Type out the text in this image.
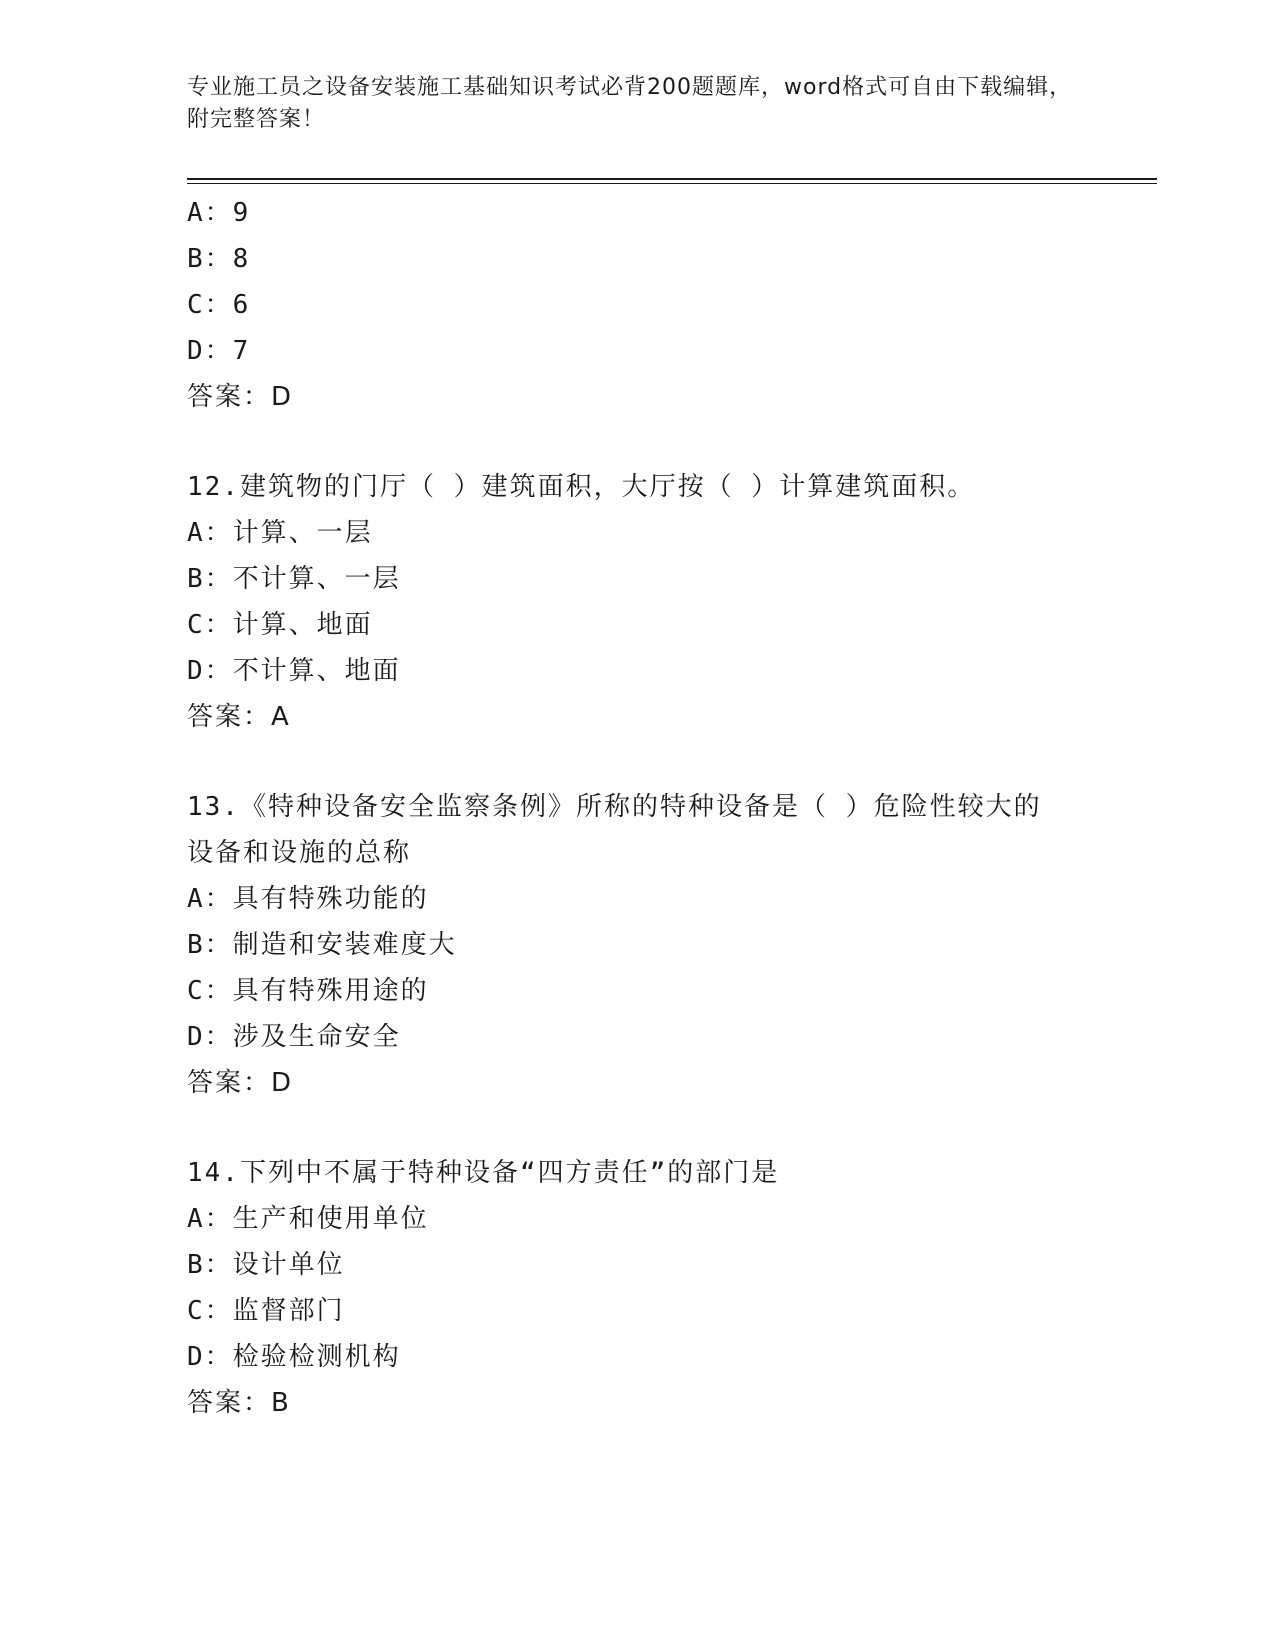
专业施工员之设备安装施工基础知识考试必背200题题库，word格式可自由下载编辑，附完整答案！
A：9
B：8
C：6
D：7
答案：D
12.建筑物的门厅（ ）建筑面积，大厅按（ ）计算建筑面积。
A：计算、一层
B：不计算、一层
C：计算、地面
D：不计算、地面
答案：A
13.《特种设备安全监察条例》所称的特种设备是（ ）危险性较大的设备和设施的总称
A：具有特殊功能的
B：制造和安装难度大
C：具有特殊用途的
D：涉及生命安全
答案：D
14.下列中不属于特种设备“四方责任”的部门是
A：生产和使用单位
B：设计单位
C：监督部门
D：检验检测机构
答案：B
